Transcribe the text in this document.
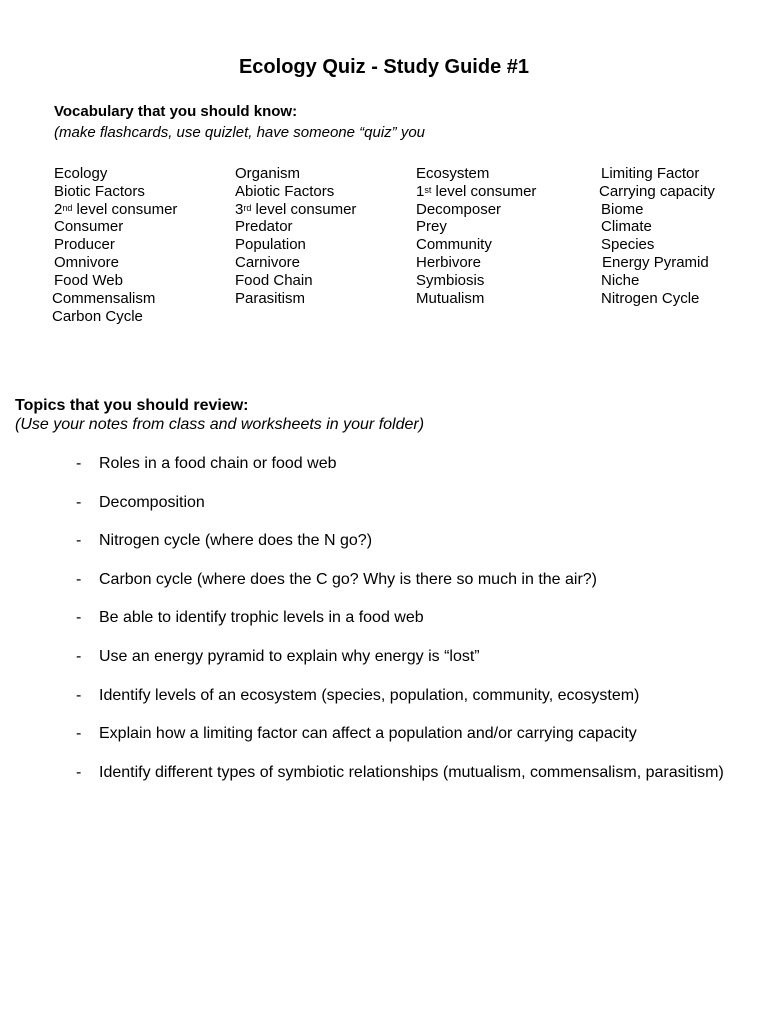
Ecology Quiz - Study Guide #1
Vocabulary that you should know:
(make flashcards, use quizlet, have someone “quiz” you
Ecology
Biotic Factors
2nd level consumer
Consumer
Producer
Omnivore
Food Web
Commensalism
Carbon Cycle
Organism
Abiotic Factors
3rd level consumer
Predator
Population
Carnivore
Food Chain
Parasitism
Ecosystem
1st level consumer
Decomposer
Prey
Community
Herbivore
Symbiosis
Mutualism
Limiting Factor
Carrying capacity
Biome
Climate
Species
Energy Pyramid
Niche
Nitrogen Cycle
Topics that you should review:
(Use your notes from class and worksheets in your folder)
- Roles in a food chain or food web
- Decomposition
- Nitrogen cycle (where does the N go?)
- Carbon cycle (where does the C go? Why is there so much in the air?)
- Be able to identify trophic levels in a food web
- Use an energy pyramid to explain why energy is “lost”
- Identify levels of an ecosystem (species, population, community, ecosystem)
- Explain how a limiting factor can affect a population and/or carrying capacity
- Identify different types of symbiotic relationships (mutualism, commensalism, parasitism)
